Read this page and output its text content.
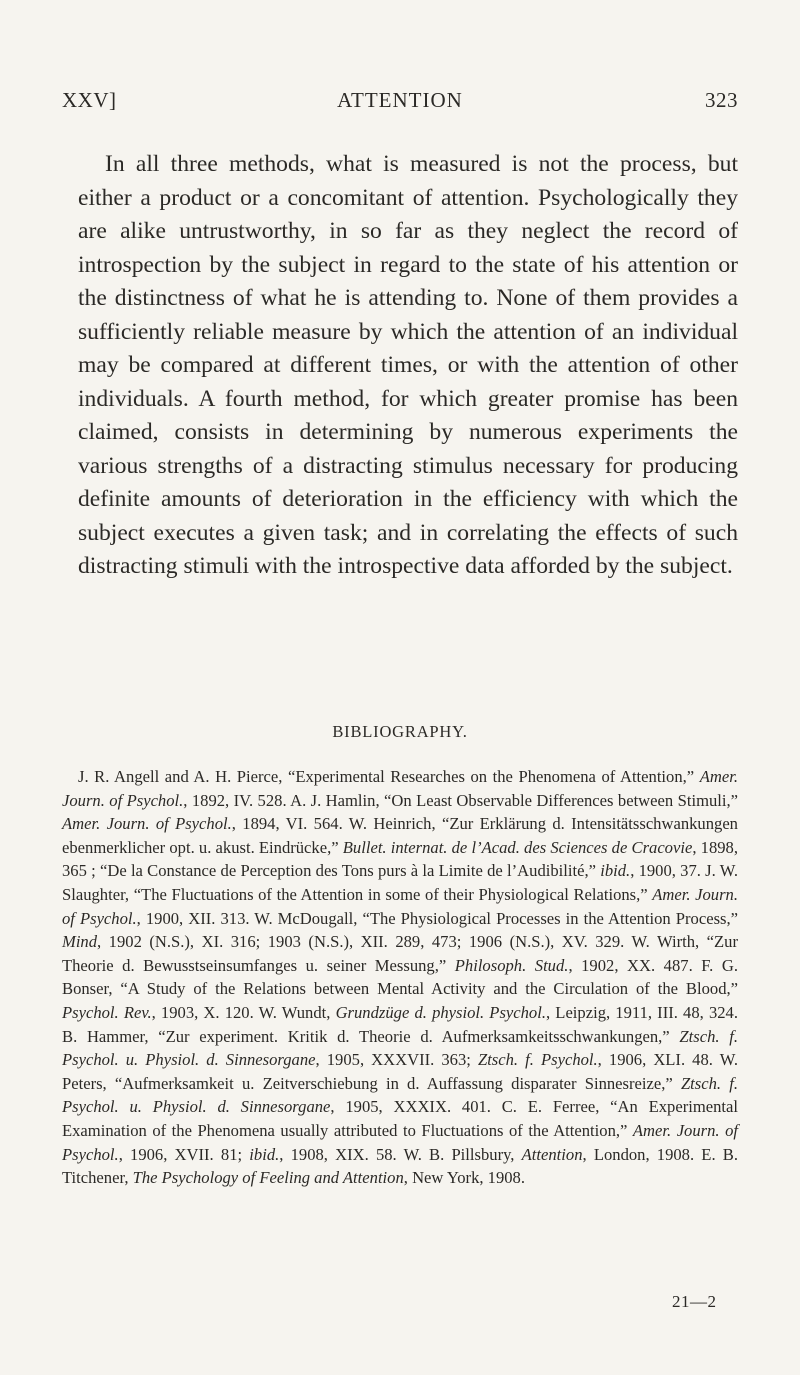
XXV]	ATTENTION	323

In all three methods, what is measured is not the process, but either a product or a concomitant of attention. Psychologically they are alike untrustworthy, in so far as they neglect the record of introspection by the subject in regard to the state of his attention or the distinctness of what he is attending to. None of them provides a sufficiently reliable measure by which the attention of an individual may be compared at different times, or with the attention of other individuals. A fourth method, for which greater promise has been claimed, consists in determining by numerous experiments the various strengths of a distracting stimulus necessary for producing definite amounts of deterioration in the efficiency with which the subject executes a given task; and in correlating the effects of such distracting stimuli with the introspective data afforded by the subject.

BIBLIOGRAPHY.

J. R. Angell and A. H. Pierce, “Experimental Researches on the Phenomena of Attention,” Amer. Journ. of Psychol., 1892, IV. 528. A. J. Hamlin, “On Least Observable Differences between Stimuli,” Amer. Journ. of Psychol., 1894, VI. 564. W. Heinrich, “Zur Erklärung d. Intensitätsschwankungen ebenmerklicher opt. u. akust. Eindrücke,” Bullet. internat. de l’Acad. des Sciences de Cracovie, 1898, 365 ; “De la Constance de Perception des Tons purs à la Limite de l’Audibilité,” ibid., 1900, 37. J. W. Slaughter, “The Fluctuations of the Attention in some of their Physiological Relations,” Amer. Journ. of Psychol., 1900, XII. 313. W. McDougall, “The Physiological Processes in the Attention Process,” Mind, 1902 (N.S.), XI. 316; 1903 (N.S.), XII. 289, 473; 1906 (N.S.), XV. 329. W. Wirth, “Zur Theorie d. Bewusstseinsumfanges u. seiner Messung,” Philosoph. Stud., 1902, XX. 487. F. G. Bonser, “A Study of the Relations between Mental Activity and the Circulation of the Blood,” Psychol. Rev., 1903, X. 120. W. Wundt, Grundzüge d. physiol. Psychol., Leipzig, 1911, III. 48, 324. B. Hammer, “Zur experiment. Kritik d. Theorie d. Aufmerksamkeitsschwankungen,” Ztsch. f. Psychol. u. Physiol. d. Sinnesorgane, 1905, XXXVII. 363; Ztsch. f. Psychol., 1906, XLI. 48. W. Peters, “Aufmerksamkeit u. Zeitverschiebung in d. Auffassung disparater Sinnesreize,” Ztsch. f. Psychol. u. Physiol. d. Sinnesorgane, 1905, XXXIX. 401. C. E. Ferree, “An Experimental Examination of the Phenomena usually attributed to Fluctuations of the Attention,” Amer. Journ. of Psychol., 1906, XVII. 81; ibid., 1908, XIX. 58. W. B. Pillsbury, Attention, London, 1908. E. B. Titchener, The Psychology of Feeling and Attention, New York, 1908.

21—2
